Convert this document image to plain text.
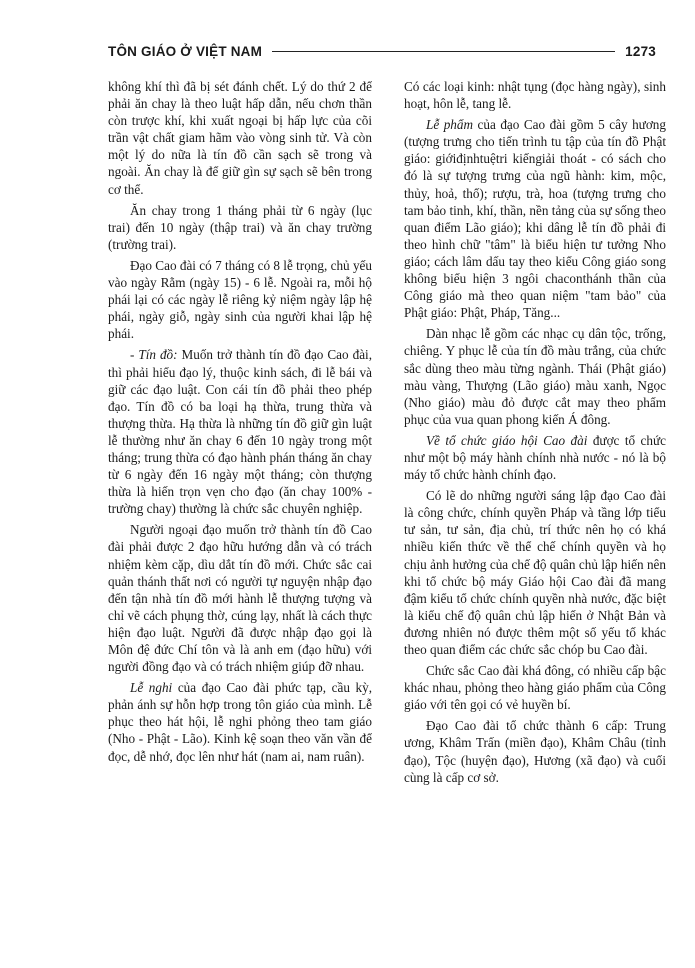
TÔN GIÁO Ở VIỆT NAM	1273

không khí thì đã bị sét đánh chết. Lý do thứ 2 để phải ăn chay là theo luật hấp dẫn, nếu chơn thần còn trược khí, khi xuất ngoại bị hấp lực của cõi trần vật chất giam hãm vào vòng sinh tử. Và còn một lý do nữa là tín đồ cần sạch sẽ trong và ngoài. Ăn chay là để giữ gìn sự sạch sẽ bên trong cơ thể.

Ăn chay trong 1 tháng phải từ 6 ngày (lục trai) đến 10 ngày (thập trai) và ăn chay trường (trường trai).

Đạo Cao đài có 7 tháng có 8 lễ trọng, chủ yếu vào ngày Rằm (ngày 15) - 6 lễ. Ngoài ra, mỗi hộ phái lại có các ngày lễ riêng kỷ niệm ngày lập hệ phái, ngày giỗ, ngày sinh của người khai lập hệ phái.

- Tín đồ: Muốn trở thành tín đồ đạo Cao đài, thì phải hiểu đạo lý, thuộc kinh sách, đi lễ bái và giữ các đạo luật. Con cái tín đồ phải theo phép đạo. Tín đồ có ba loại hạ thừa, trung thừa và thượng thừa. Hạ thừa là những tín đồ giữ gìn luật lễ thường như ăn chay 6 đến 10 ngày trong một tháng; trung thừa có đạo hành phán tháng ăn chay từ 6 ngày đến 16 ngày một tháng; còn thượng thừa là hiến trọn vẹn cho đạo (ăn chay 100% - trường chay) thường là chức sắc chuyên nghiệp.

Người ngoại đạo muốn trở thành tín đồ Cao đài phải được 2 đạo hữu hướng dẫn và có trách nhiệm kèm cặp, dìu dắt tín đồ mới. Chức sắc cai quản thánh thất nơi có người tự nguyện nhập đạo đến tận nhà tín đồ mới hành lễ thượng tượng và chỉ vẽ cách phụng thờ, cúng lạy, nhất là cách thực hiện đạo luật. Người đã được nhập đạo gọi là Môn đệ đức Chí tôn và là anh em (đạo hữu) với người đồng đạo và có trách nhiệm giúp đỡ nhau.

Lễ nghi của đạo Cao đài phức tạp, cầu kỳ, phản ánh sự hỗn hợp trong tôn giáo của mình. Lễ phục theo hát hội, lễ nghi phỏng theo tam giáo (Nho - Phật - Lão). Kinh kệ soạn theo văn vần để đọc, dễ nhớ, đọc lên như hát (nam ai, nam ruân).

Có các loại kinh: nhật tụng (đọc hàng ngày), sinh hoạt, hôn lễ, tang lễ.

Lễ phẩm của đạo Cao đài gồm 5 cây hương (tượng trưng cho tiến trình tu tập của tín đồ Phật giáo: giớiđịnhtuệtri kiếngiải thoát - có sách cho đó là sự tượng trưng của ngũ hành: kim, mộc, thủy, hoả, thổ); rượu, trà, hoa (tượng trưng cho tam bảo tinh, khí, thần, nền tảng của sự sống theo quan điểm Lão giáo); khi dâng lễ tín đồ phải đi theo hình chữ "tâm" là biểu hiện tư tưởng Nho giáo; cách lâm dấu tay theo kiểu Công giáo song không biểu hiện 3 ngôi chaconthánh thần của Công giáo mà theo quan niệm "tam bảo" của Phật giáo: Phật, Pháp, Tăng...

Dàn nhạc lễ gồm các nhạc cụ dân tộc, trống, chiêng. Y phục lễ của tín đồ màu trắng, của chức sắc dùng theo màu từng ngành. Thái (Phật giáo) màu vàng, Thượng (Lão giáo) màu xanh, Ngọc (Nho giáo) màu đỏ được cắt may theo phẩm phục của vua quan phong kiến Á đông.

Về tổ chức giáo hội Cao đài được tổ chức như một bộ máy hành chính nhà nước - nó là bộ máy tổ chức hành chính đạo.

Có lẽ do những người sáng lập đạo Cao đài là công chức, chính quyền Pháp và tầng lớp tiểu tư sản, tư sản, địa chủ, trí thức nên họ có khá nhiều kiến thức về thể chế chính quyền và họ chịu ảnh hưởng của chế độ quân chủ lập hiến nên khi tổ chức bộ máy Giáo hội Cao đài đã mang đậm kiểu tổ chức chính quyền nhà nước, đặc biệt là kiểu chế độ quân chủ lập hiến ở Nhật Bản và đương nhiên nó được thêm một số yếu tố khác theo quan điểm các chức sắc chóp bu Cao đài.

Chức sắc Cao đài khá đông, có nhiều cấp bậc khác nhau, phỏng theo hàng giáo phẩm của Công giáo với tên gọi có vẻ huyền bí.

Đạo Cao đài tổ chức thành 6 cấp: Trung ương, Khâm Trấn (miền đạo), Khâm Châu (tỉnh đạo), Tộc (huyện đạo), Hương (xã đạo) và cuối cùng là cấp cơ sở.
